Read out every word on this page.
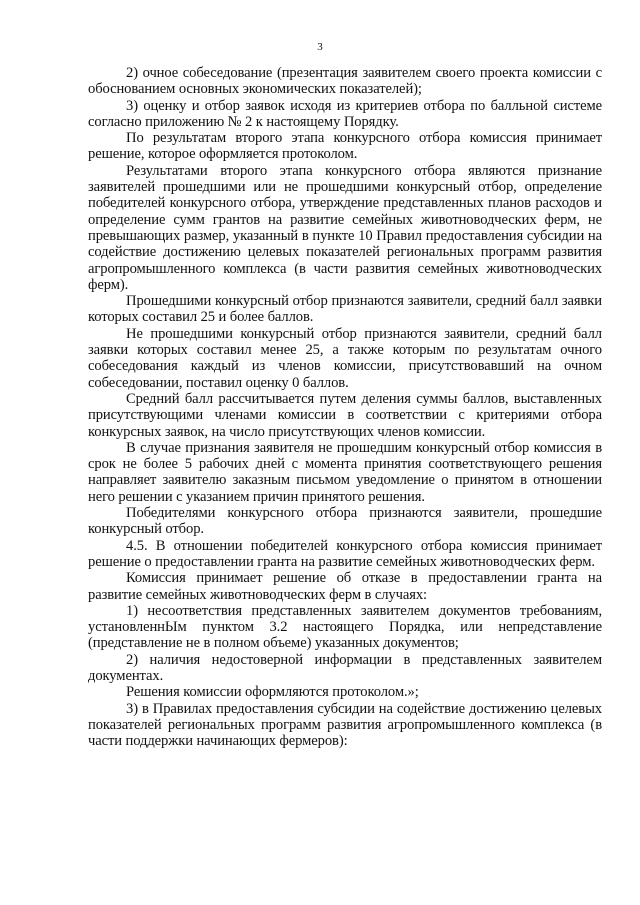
3

2) очное собеседование (презентация заявителем своего проекта комиссии с обоснованием основных экономических показателей);

3) оценку и отбор заявок исходя из критериев отбора по балльной системе согласно приложению № 2 к настоящему Порядку.

По результатам второго этапа конкурсного отбора комиссия принимает решение, которое оформляется протоколом.

Результатами второго этапа конкурсного отбора являются признание заявителей прошедшими или не прошедшими конкурсный отбор, определение победителей конкурсного отбора, утверждение представленных планов расходов и определение сумм грантов на развитие семейных животноводческих ферм, не превышающих размер, указанный в пункте 10 Правил предоставления субсидии на содействие достижению целевых показателей региональных программ развития агропромышленного комплекса (в части развития семейных животноводческих ферм).

Прошедшими конкурсный отбор признаются заявители, средний балл заявки которых составил 25 и более баллов.

Не прошедшими конкурсный отбор признаются заявители, средний балл заявки которых составил менее 25, а также которым по результатам очного собеседования каждый из членов комиссии, присутствовавший на очном собеседовании, поставил оценку 0 баллов.

Средний балл рассчитывается путем деления суммы баллов, выставленных присутствующими членами комиссии в соответствии с критериями отбора конкурсных заявок, на число присутствующих членов комиссии.

В случае признания заявителя не прошедшим конкурсный отбор комиссия в срок не более 5 рабочих дней с момента принятия соответствующего решения направляет заявителю заказным письмом уведомление о принятом в отношении него решении с указанием причин принятого решения.

Победителями конкурсного отбора признаются заявители, прошедшие конкурсный отбор.

4.5. В отношении победителей конкурсного отбора комиссия принимает решение о предоставлении гранта на развитие семейных животноводческих ферм.

Комиссия принимает решение об отказе в предоставлении гранта на развитие семейных животноводческих ферм в случаях:

1) несоответствия представленных заявителем документов требованиям, установленнЫм пунктом 3.2 настоящего Порядка, или непредставление (представление не в полном объеме) указанных документов;

2) наличия недостоверной информации в представленных заявителем документах.

Решения комиссии оформляются протоколом.»;

3) в Правилах предоставления субсидии на содействие достижению целевых показателей региональных программ развития агропромышленного комплекса (в части поддержки начинающих фермеров):
